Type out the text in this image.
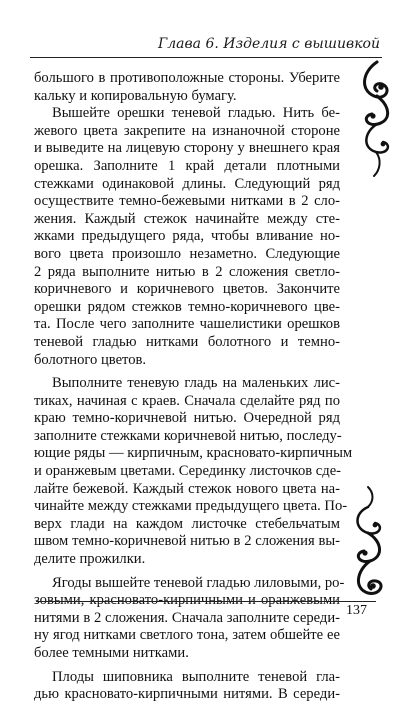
Глава 6. Изделия с вышивкой
большого в противоположные стороны. Уберите
кальку и копировальную бумагу.
Вышейте орешки теневой гладью. Нить бе-
жевого цвета закрепите на изнаночной стороне
и выведите на лицевую сторону у внешнего края
орешка. Заполните 1 край детали плотными
стежками одинаковой длины. Следующий ряд
осуществите темно-бежевыми нитками в 2 сло-
жения. Каждый стежок начинайте между сте-
жками предыдущего ряда, чтобы вливание но-
вого цвета произошло незаметно. Следующие
2 ряда выполните нитью в 2 сложения светло-
коричневого и коричневого цветов. Закончите
орешки рядом стежков темно-коричневого цве-
та. После чего заполните чашелистики орешков
теневой гладью нитками болотного и темно-
болотного цветов.
Выполните теневую гладь на маленьких лис-
тиках, начиная с краев. Сначала сделайте ряд по
краю темно-коричневой нитью. Очередной ряд
заполните стежками коричневой нитью, последу-
ющие ряды — кирпичным, красновато-кирпичным
и оранжевым цветами. Серединку листочков сде-
лайте бежевой. Каждый стежок нового цвета на-
чинайте между стежками предыдущего цвета. По-
верх глади на каждом листочке стебельчатым
швом темно-коричневой нитью в 2 сложения вы-
делите прожилки.
Ягоды вышейте теневой гладью лиловыми, ро-
зовыми, красновато-кирпичными и оранжевыми
нитями в 2 сложения. Сначала заполните середи-
ну ягод нитками светлого тона, затем обшейте ее
более темными нитками.
Плоды шиповника выполните теневой гла-
дью красновато-кирпичными нитями. В середи-
137
